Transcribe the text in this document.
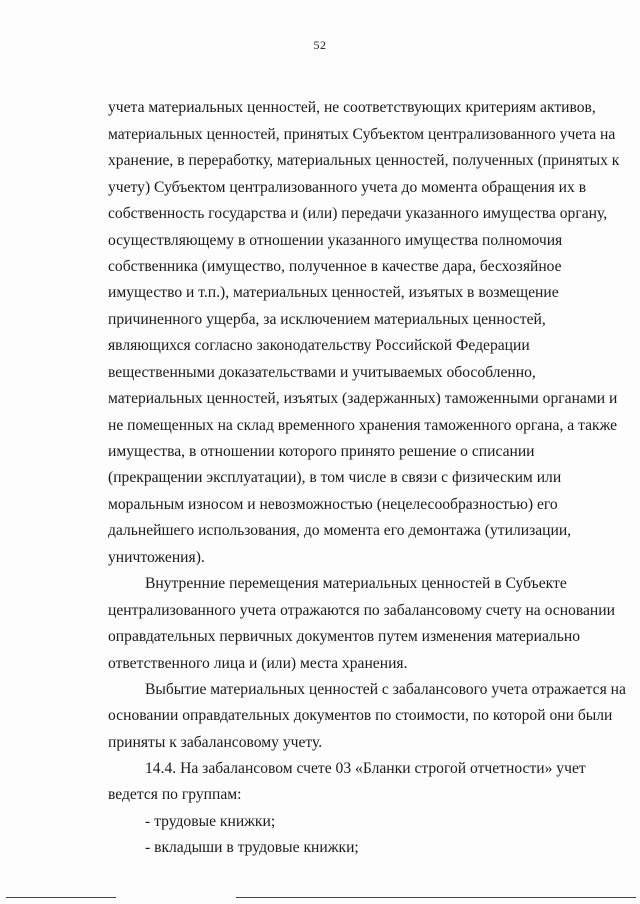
52

учета материальных ценностей, не соответствующих критериям активов,

материальных ценностей, принятых Субъектом централизованного учета на

хранение, в переработку, материальных ценностей, полученных (принятых к

учету) Субъектом централизованного учета до момента обращения их в

собственность государства и (или) передачи указанного имущества органу,

осуществляющему в отношении указанного имущества полномочия

собственника (имущество, полученное в качестве дара, бесхозяйное

имущество и т.п.), материальных ценностей, изъятых в возмещение

причиненного ущерба, за исключением материальных ценностей,

являющихся согласно законодательству Российской Федерации

вещественными доказательствами и учитываемых обособленно,

материальных ценностей, изъятых (задержанных) таможенными органами и

не помещенных на склад временного хранения таможенного органа, а также

имущества, в отношении которого принято решение о списании

(прекращении эксплуатации), в том числе в связи с физическим или

моральным износом и невозможностью (нецелесообразностью) его

дальнейшего использования, до момента его демонтажа (утилизации,

уничтожения).

Внутренние перемещения материальных ценностей в Субъекте

централизованного учета отражаются по забалансовому счету на основании

оправдательных первичных документов путем изменения материально

ответственного лица и (или) места хранения.

Выбытие материальных ценностей с забалансового учета отражается на

основании оправдательных документов по стоимости, по которой они были

приняты к забалансовому учету.

14.4. На забалансовом счете 03 «Бланки строгой отчетности» учет

ведется по группам:

- трудовые книжки;

- вкладыши в трудовые книжки;
